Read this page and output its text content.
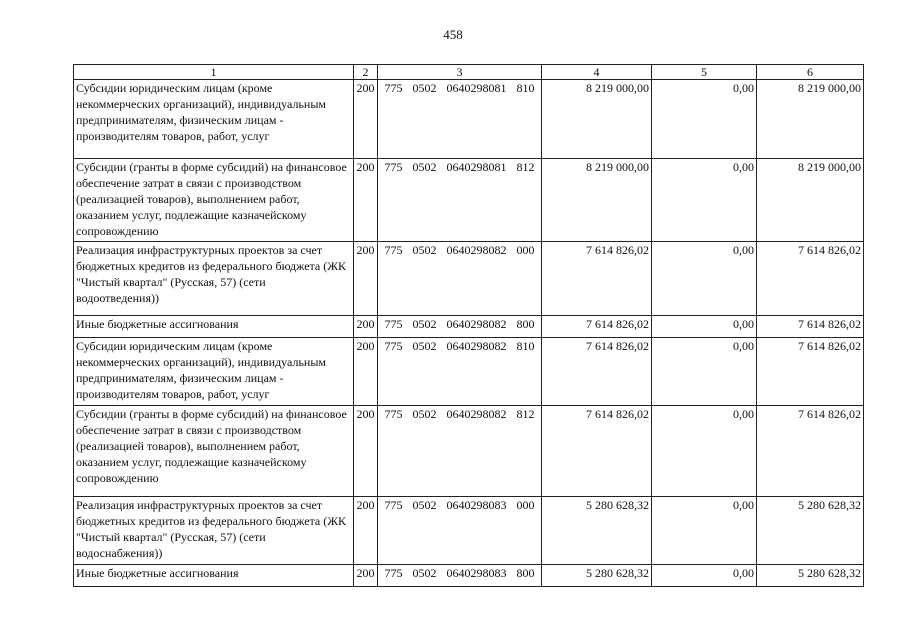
458
1	2	3	4	5	6
Субсидии юридическим лицам (кроме некоммерческих организаций), индивидуальным предпринимателям, физическим лицам - производителям товаров, работ, услуг	200	775 0502 0640298081 810	8 219 000,00	0,00	8 219 000,00
Субсидии (гранты в форме субсидий) на финансовое обеспечение затрат в связи с производством (реализацией товаров), выполнением работ, оказанием услуг, подлежащие казначейскому сопровождению	200	775 0502 0640298081 812	8 219 000,00	0,00	8 219 000,00
Реализация инфраструктурных проектов за счет бюджетных кредитов из федерального бюджета (ЖК "Чистый квартал" (Русская, 57) (сети водоотведения))	200	775 0502 0640298082 000	7 614 826,02	0,00	7 614 826,02
Иные бюджетные ассигнования	200	775 0502 0640298082 800	7 614 826,02	0,00	7 614 826,02
Субсидии юридическим лицам (кроме некоммерческих организаций), индивидуальным предпринимателям, физическим лицам - производителям товаров, работ, услуг	200	775 0502 0640298082 810	7 614 826,02	0,00	7 614 826,02
Субсидии (гранты в форме субсидий) на финансовое обеспечение затрат в связи с производством (реализацией товаров), выполнением работ, оказанием услуг, подлежащие казначейскому сопровождению	200	775 0502 0640298082 812	7 614 826,02	0,00	7 614 826,02
Реализация инфраструктурных проектов за счет бюджетных кредитов из федерального бюджета (ЖК "Чистый квартал" (Русская, 57) (сети водоснабжения))	200	775 0502 0640298083 000	5 280 628,32	0,00	5 280 628,32
Иные бюджетные ассигнования	200	775 0502 0640298083 800	5 280 628,32	0,00	5 280 628,32
